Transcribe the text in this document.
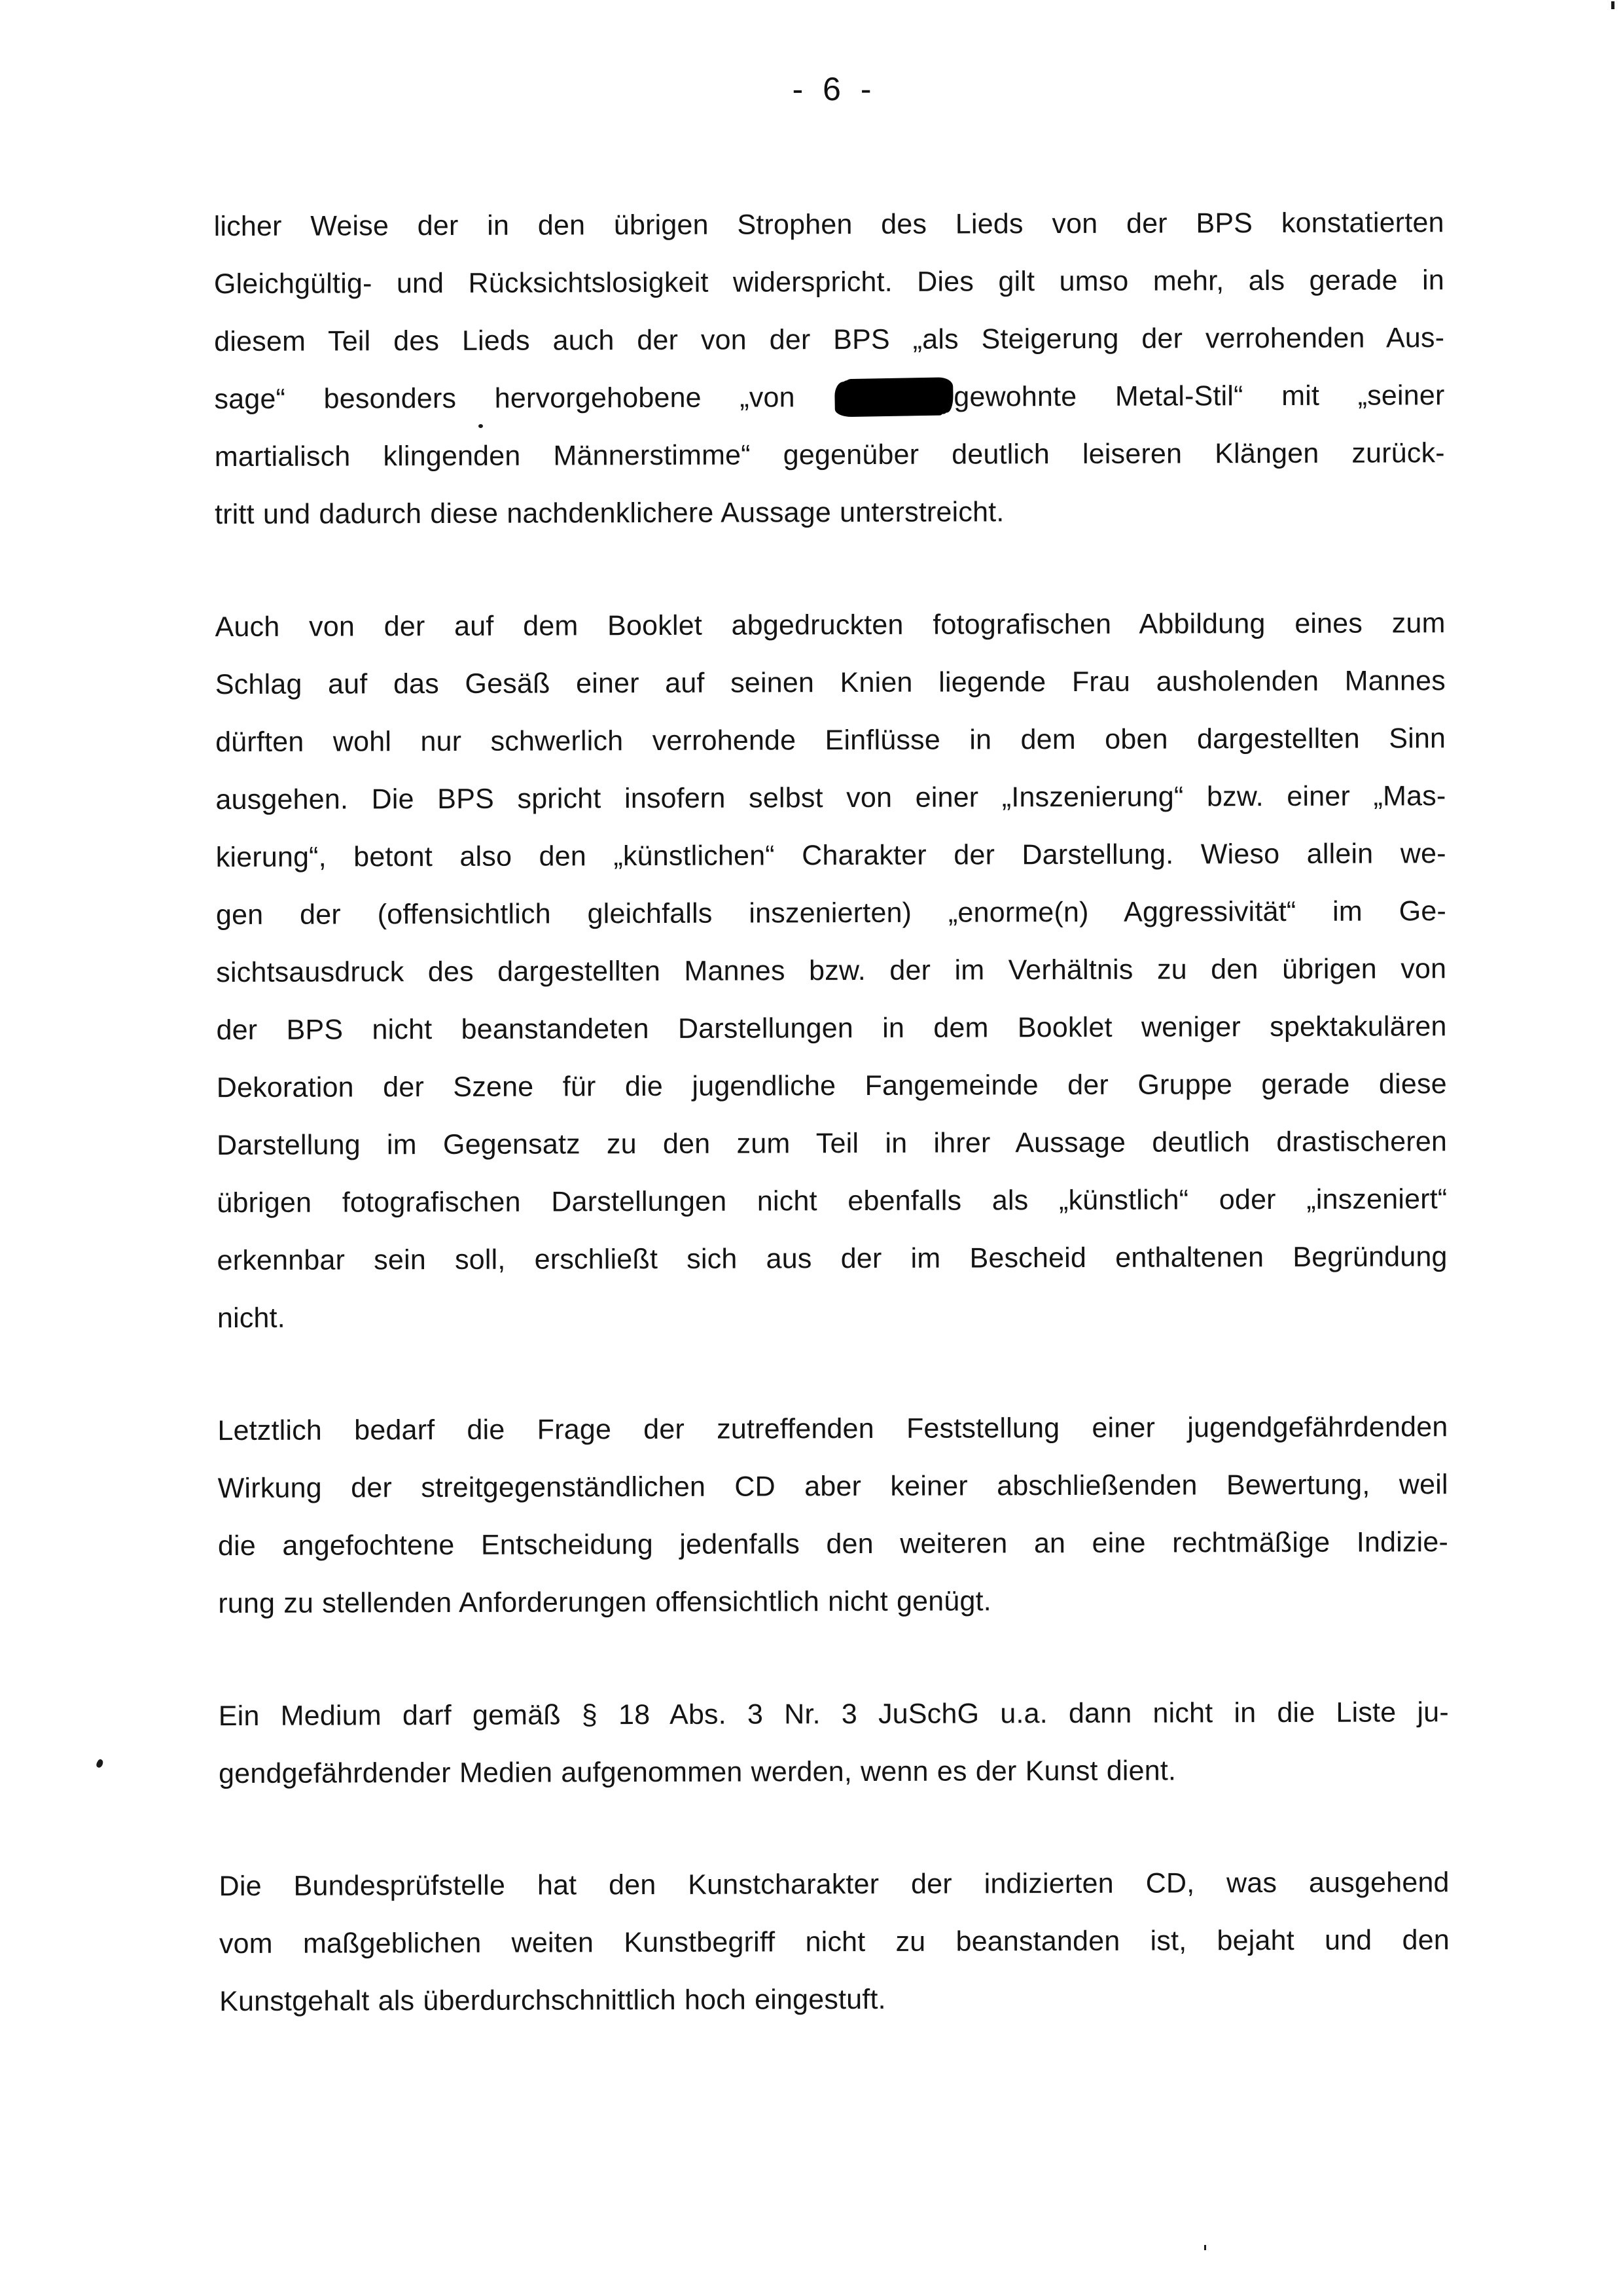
- 6 -
licher Weise der in den übrigen Strophen des Lieds von der BPS konstatierten
Gleichgültig- und Rücksichtslosigkeit widerspricht. Dies gilt umso mehr, als gerade in
diesem Teil des Lieds auch der von der BPS „als Steigerung der verrohenden Aus-
sage“ besonders hervorgehobene „von	gewohnte Metal-Stil“ mit „seiner
martialisch klingenden Männerstimme“ gegenüber deutlich leiseren Klängen zurück-
tritt und dadurch diese nachdenklichere Aussage unterstreicht.
Auch von der auf dem Booklet abgedruckten fotografischen Abbildung eines zum
Schlag auf das Gesäß einer auf seinen Knien liegende Frau ausholenden Mannes
dürften wohl nur schwerlich verrohende Einflüsse in dem oben dargestellten Sinn
ausgehen. Die BPS spricht insofern selbst von einer „Inszenierung“ bzw. einer „Mas-
kierung“, betont also den „künstlichen“ Charakter der Darstellung. Wieso allein we-
gen der (offensichtlich gleichfalls inszenierten) „enorme(n) Aggressivität“ im Ge-
sichtsausdruck des dargestellten Mannes bzw. der im Verhältnis zu den übrigen von
der BPS nicht beanstandeten Darstellungen in dem Booklet weniger spektakulären
Dekoration der Szene für die jugendliche Fangemeinde der Gruppe gerade diese
Darstellung im Gegensatz zu den zum Teil in ihrer Aussage deutlich drastischeren
übrigen fotografischen Darstellungen nicht ebenfalls als „künstlich“ oder „inszeniert“
erkennbar sein soll, erschließt sich aus der im Bescheid enthaltenen Begründung
nicht.
Letztlich bedarf die Frage der zutreffenden Feststellung einer jugendgefährdenden
Wirkung der streitgegenständlichen CD aber keiner abschließenden Bewertung, weil
die angefochtene Entscheidung jedenfalls den weiteren an eine rechtmäßige Indizie-
rung zu stellenden Anforderungen offensichtlich nicht genügt.
Ein Medium darf gemäß § 18 Abs. 3 Nr. 3 JuSchG u.a. dann nicht in die Liste ju-
gendgefährdender Medien aufgenommen werden, wenn es der Kunst dient.
Die Bundesprüfstelle hat den Kunstcharakter der indizierten CD, was ausgehend
vom maßgeblichen weiten Kunstbegriff nicht zu beanstanden ist, bejaht und den
Kunstgehalt als überdurchschnittlich hoch eingestuft.
